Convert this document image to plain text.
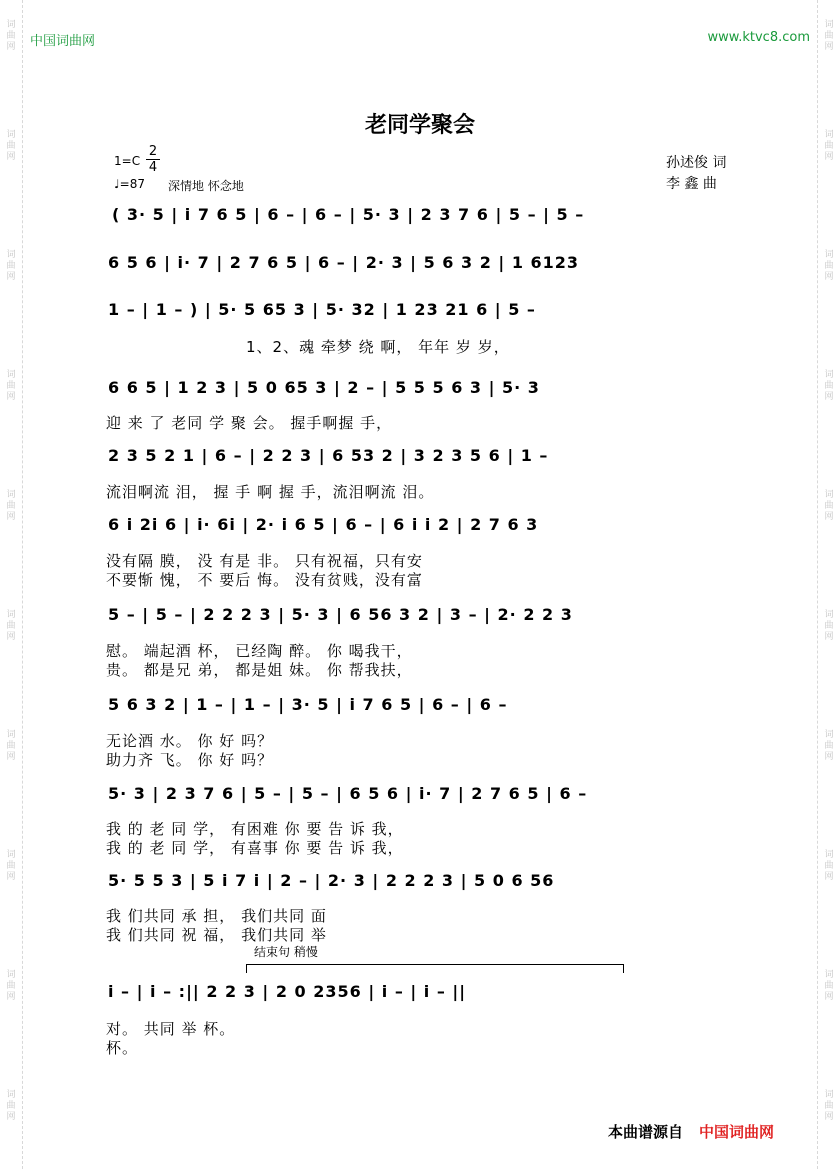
词曲网
词曲网
词曲网
词曲网
词曲网
词曲网
词曲网
词曲网
词曲网
词曲网
词曲网
词曲网
词曲网
词曲网
词曲网
词曲网
词曲网
词曲网
词曲网
词曲网
中国词曲网	www.ktvc8.com
老同学聚会
$1=C \frac{2}{4}$
♩=87 深情地 怀念地
孙述俊 词
李 鑫 曲
( 3· 5 | i 7 6 5 | 6 – | 6 – | 5· 3 | 2 3 7 6 | 5 – | 5 –
6 5 6 | i· 7 | 2 7 6 5 | 6 – | 2· 3 | 5 6 3 2 | 1 6123
1 – | 1 – ) | 5· 5 65 3 | 5· 32 | 1 23 21 6 | 5 –
1、2、魂 牵梦 绕 啊， 年年 岁 岁，
6 6 5 | 1 2 3 | 5 0 65 3 | 2 – | 5 5 5 6 3 | 5· 3
迎 来 了 老同 学 聚 会。 握手啊握 手，
2 3 5 2 1 | 6 – | 2 2 3 | 6 53 2 | 3 2 3 5 6 | 1 –
流泪啊流 泪， 握 手 啊 握 手，流泪啊流 泪。
6 i 2i 6 | i· 6i | 2· i 6 5 | 6 – | 6 i i 2 | 2 7 6 3
没有隔 膜， 没 有是 非。 只有祝福，只有安
不要惭 愧， 不 要后 悔。 没有贫贱，没有富
5 – | 5 – | 2 2 2 3 | 5· 3 | 6 56 3 2 | 3 – | 2· 2 2 3
慰。 端起酒 杯， 已经陶 醉。 你 喝我干，
贵。 都是兄 弟， 都是姐 妹。 你 帮我扶，
5 6 3 2 | 1 – | 1 – | 3· 5 | i 7 6 5 | 6 – | 6 –
无论酒 水。 你 好 吗？
助力齐 飞。 你 好 吗？
5· 3 | 2 3 7 6 | 5 – | 5 – | 6 5 6 | i· 7 | 2 7 6 5 | 6 –
我 的 老 同 学， 有困难 你 要 告 诉 我，
我 的 老 同 学， 有喜事 你 要 告 诉 我，
5· 5 5 3 | 5 i 7 i | 2 – | 2· 3 | 2 2 2 3 | 5 0 6 56
我 们共同 承 担， 我们共同 面
我 们共同 祝 福， 我们共同 举
结束句 稍慢
i – | i – :|| 2 2 3 | 2 0 2356 | i – | i – ||
对。 共同 举 杯。
杯。
本曲谱源自 中国词曲网
